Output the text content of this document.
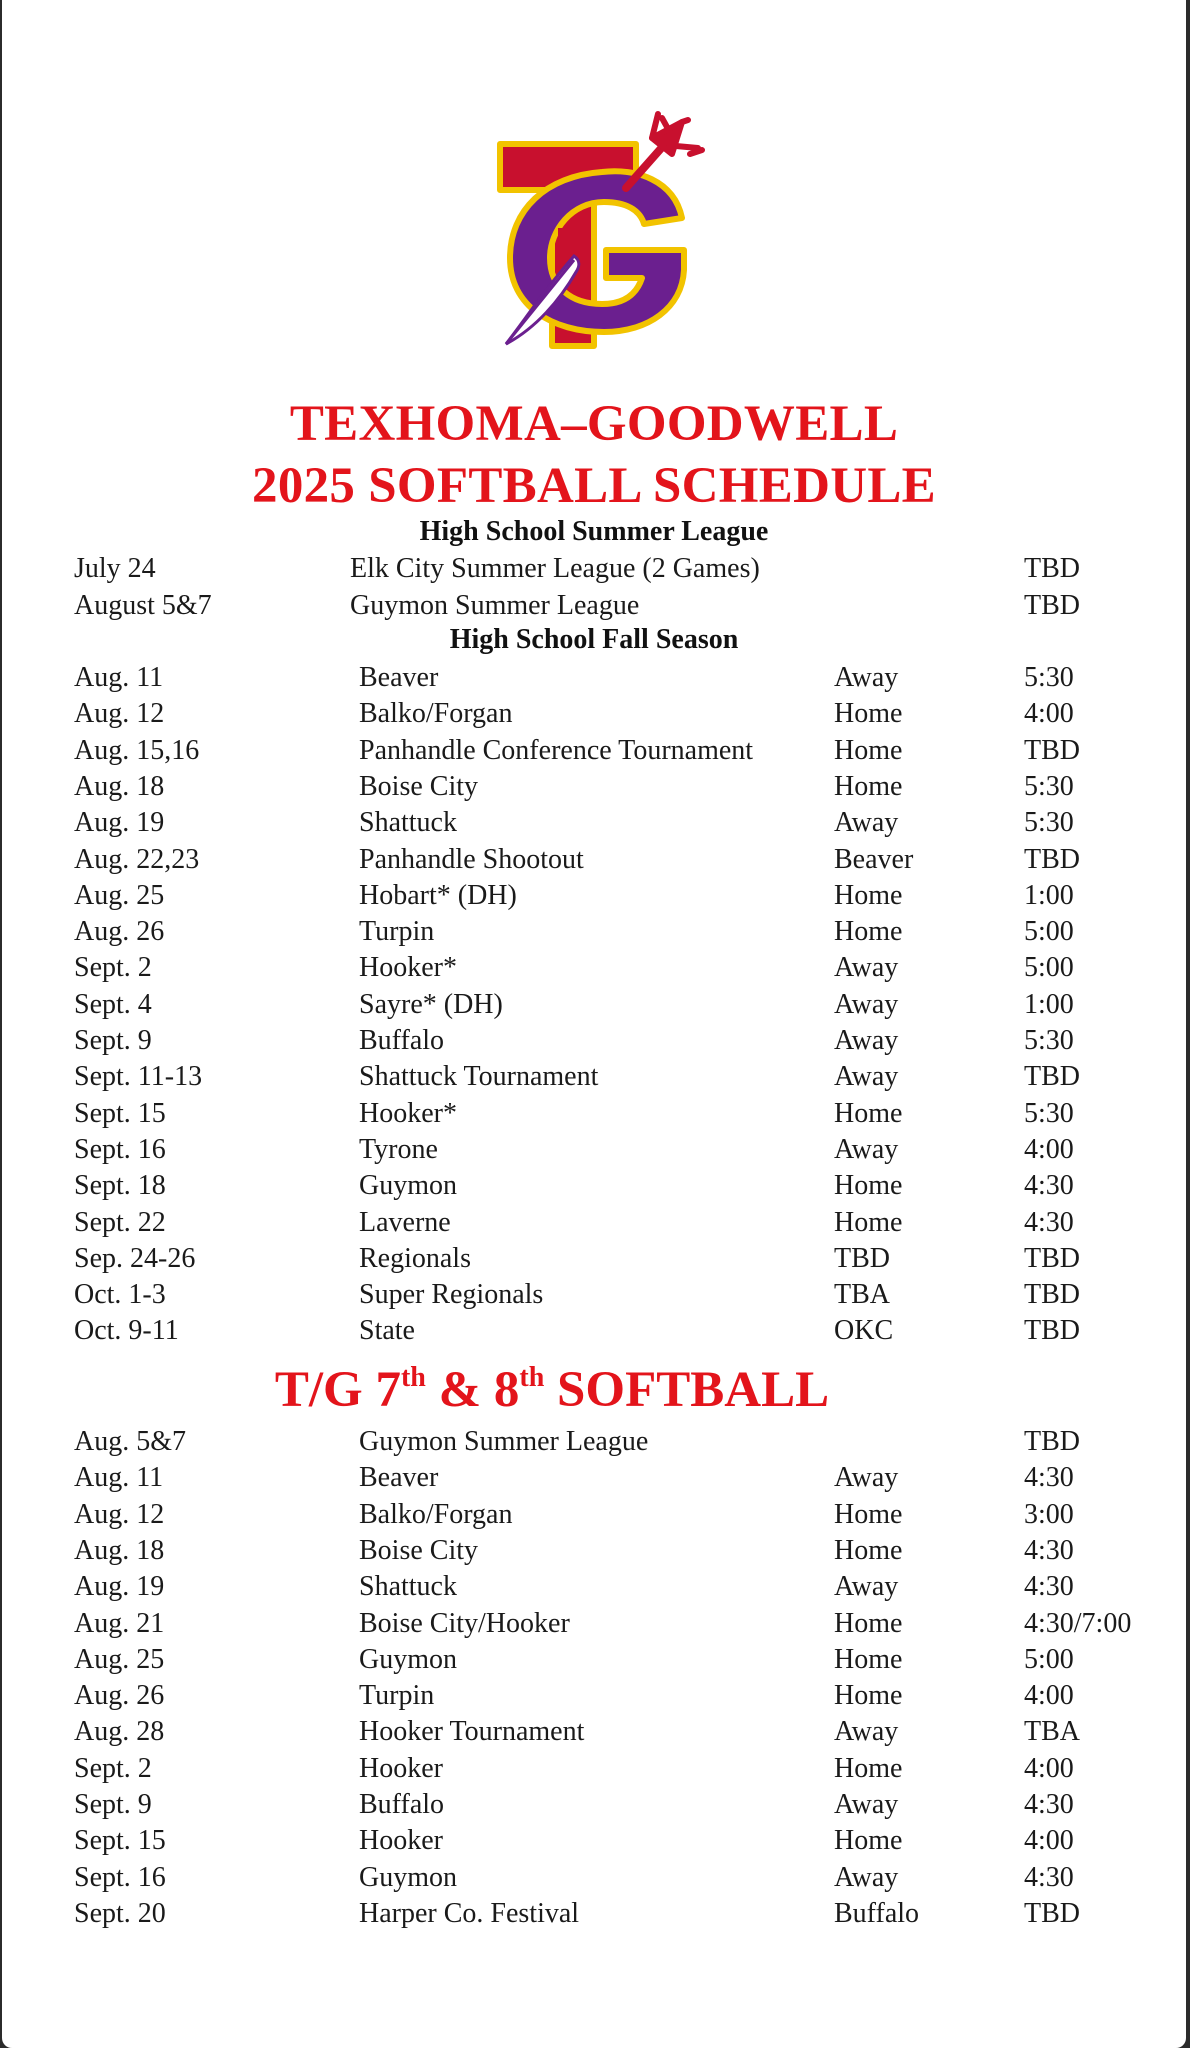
TEXHOMA–GOODWELL
2025 SOFTBALL SCHEDULE
High School Summer League
July 24	Elk City Summer League (2 Games)	TBD
August 5&7	Guymon Summer League	TBD
High School Fall Season
Aug. 11	Beaver	Away	5:30
Aug. 12	Balko/Forgan	Home	4:00
Aug. 15,16	Panhandle Conference Tournament	Home	TBD
Aug. 18	Boise City	Home	5:30
Aug. 19	Shattuck	Away	5:30
Aug. 22,23	Panhandle Shootout	Beaver	TBD
Aug. 25	Hobart* (DH)	Home	1:00
Aug. 26	Turpin	Home	5:00
Sept. 2	Hooker*	Away	5:00
Sept. 4	Sayre* (DH)	Away	1:00
Sept. 9	Buffalo	Away	5:30
Sept. 11-13	Shattuck Tournament	Away	TBD
Sept. 15	Hooker*	Home	5:30
Sept. 16	Tyrone	Away	4:00
Sept. 18	Guymon	Home	4:30
Sept. 22	Laverne	Home	4:30
Sep. 24-26	Regionals	TBD	TBD
Oct. 1-3	Super Regionals	TBA	TBD
Oct. 9-11	State	OKC	TBD
T/G 7th & 8th SOFTBALL
Aug. 5&7	Guymon Summer League	TBD
Aug. 11	Beaver	Away	4:30
Aug. 12	Balko/Forgan	Home	3:00
Aug. 18	Boise City	Home	4:30
Aug. 19	Shattuck	Away	4:30
Aug. 21	Boise City/Hooker	Home	4:30/7:00
Aug. 25	Guymon	Home	5:00
Aug. 26	Turpin	Home	4:00
Aug. 28	Hooker Tournament	Away	TBA
Sept. 2	Hooker	Home	4:00
Sept. 9	Buffalo	Away	4:30
Sept. 15	Hooker	Home	4:00
Sept. 16	Guymon	Away	4:30
Sept. 20	Harper Co. Festival	Buffalo	TBD
